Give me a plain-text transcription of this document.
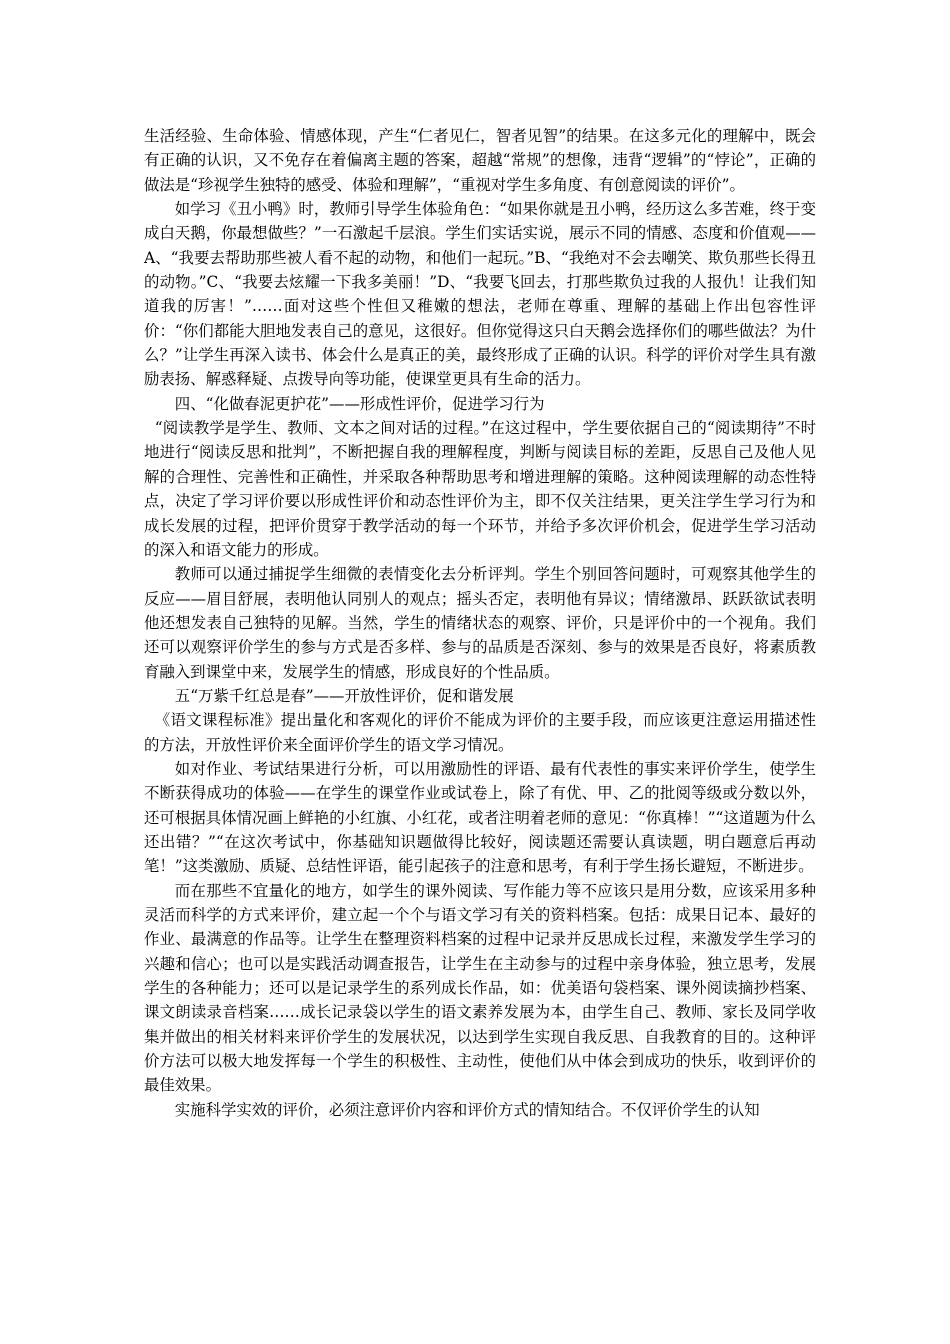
生活经验、生命体验、情感体现，产生“仁者见仁，智者见智”的结果。在这多元化的理解中，既会有正确的认识，又不免存在着偏离主题的答案，超越“常规”的想像，违背“逻辑”的“悖论”，正确的做法是“珍视学生独特的感受、体验和理解”，“重视对学生多角度、有创意阅读的评价”。

如学习《丑小鸭》时，教师引导学生体验角色：“如果你就是丑小鸭，经历这么多苦难，终于变成白天鹅，你最想做些？”一石激起千层浪。学生们实话实说，展示不同的情感、态度和价值观——A、“我要去帮助那些被人看不起的动物，和他们一起玩。”B、“我绝对不会去嘲笑、欺负那些长得丑的动物。”C、“我要去炫耀一下我多美丽！”D、“我要飞回去，打那些欺负过我的人报仇！让我们知道我的厉害！”……面对这些个性但又稚嫩的想法，老师在尊重、理解的基础上作出包容性评价：“你们都能大胆地发表自己的意见，这很好。但你觉得这只白天鹅会选择你们的哪些做法？为什么？”让学生再深入读书、体会什么是真正的美，最终形成了正确的认识。科学的评价对学生具有激励表扬、解惑释疑、点拨导向等功能，使课堂更具有生命的活力。

四、“化做春泥更护花”——形成性评价，促进学习行为

“阅读教学是学生、教师、文本之间对话的过程。”在这过程中，学生要依据自己的“阅读期待”不时地进行“阅读反思和批判”，不断把握自我的理解程度，判断与阅读目标的差距，反思自己及他人见解的合理性、完善性和正确性，并采取各种帮助思考和增进理解的策略。这种阅读理解的动态性特点，决定了学习评价要以形成性评价和动态性评价为主，即不仅关注结果，更关注学生学习行为和成长发展的过程，把评价贯穿于教学活动的每一个环节，并给予多次评价机会，促进学生学习活动的深入和语文能力的形成。

教师可以通过捕捉学生细微的表情变化去分析评判。学生个别回答问题时，可观察其他学生的反应——眉目舒展，表明他认同别人的观点；摇头否定，表明他有异议；情绪激昂、跃跃欲试表明他还想发表自己独特的见解。当然，学生的情绪状态的观察、评价，只是评价中的一个视角。我们还可以观察评价学生的参与方式是否多样、参与的品质是否深刻、参与的效果是否良好，将素质教育融入到课堂中来，发展学生的情感，形成良好的个性品质。

五“万紫千红总是春”——开放性评价，促和谐发展

《语文课程标准》提出量化和客观化的评价不能成为评价的主要手段，而应该更注意运用描述性的方法，开放性评价来全面评价学生的语文学习情况。

如对作业、考试结果进行分析，可以用激励性的评语、最有代表性的事实来评价学生，使学生不断获得成功的体验——在学生的课堂作业或试卷上，除了有优、甲、乙的批阅等级或分数以外，还可根据具体情况画上鲜艳的小红旗、小红花，或者注明着老师的意见：“你真棒！”“这道题为什么还出错？”“在这次考试中，你基础知识题做得比较好，阅读题还需要认真读题，明白题意后再动笔！”这类激励、质疑、总结性评语，能引起孩子的注意和思考，有利于学生扬长避短，不断进步。

而在那些不宜量化的地方，如学生的课外阅读、写作能力等不应该只是用分数，应该采用多种灵活而科学的方式来评价，建立起一个个与语文学习有关的资料档案。包括：成果日记本、最好的作业、最满意的作品等。让学生在整理资料档案的过程中记录并反思成长过程，来激发学生学习的兴趣和信心；也可以是实践活动调查报告，让学生在主动参与的过程中亲身体验，独立思考，发展学生的各种能力；还可以是记录学生的系列成长作品，如：优美语句袋档案、课外阅读摘抄档案、课文朗读录音档案……成长记录袋以学生的语文素养发展为本，由学生自己、教师、家长及同学收集并做出的相关材料来评价学生的发展状况，以达到学生实现自我反思、自我教育的目的。这种评价方法可以极大地发挥每一个学生的积极性、主动性，使他们从中体会到成功的快乐，收到评价的最佳效果。

实施科学实效的评价，必须注意评价内容和评价方式的情知结合。不仅评价学生的认知
